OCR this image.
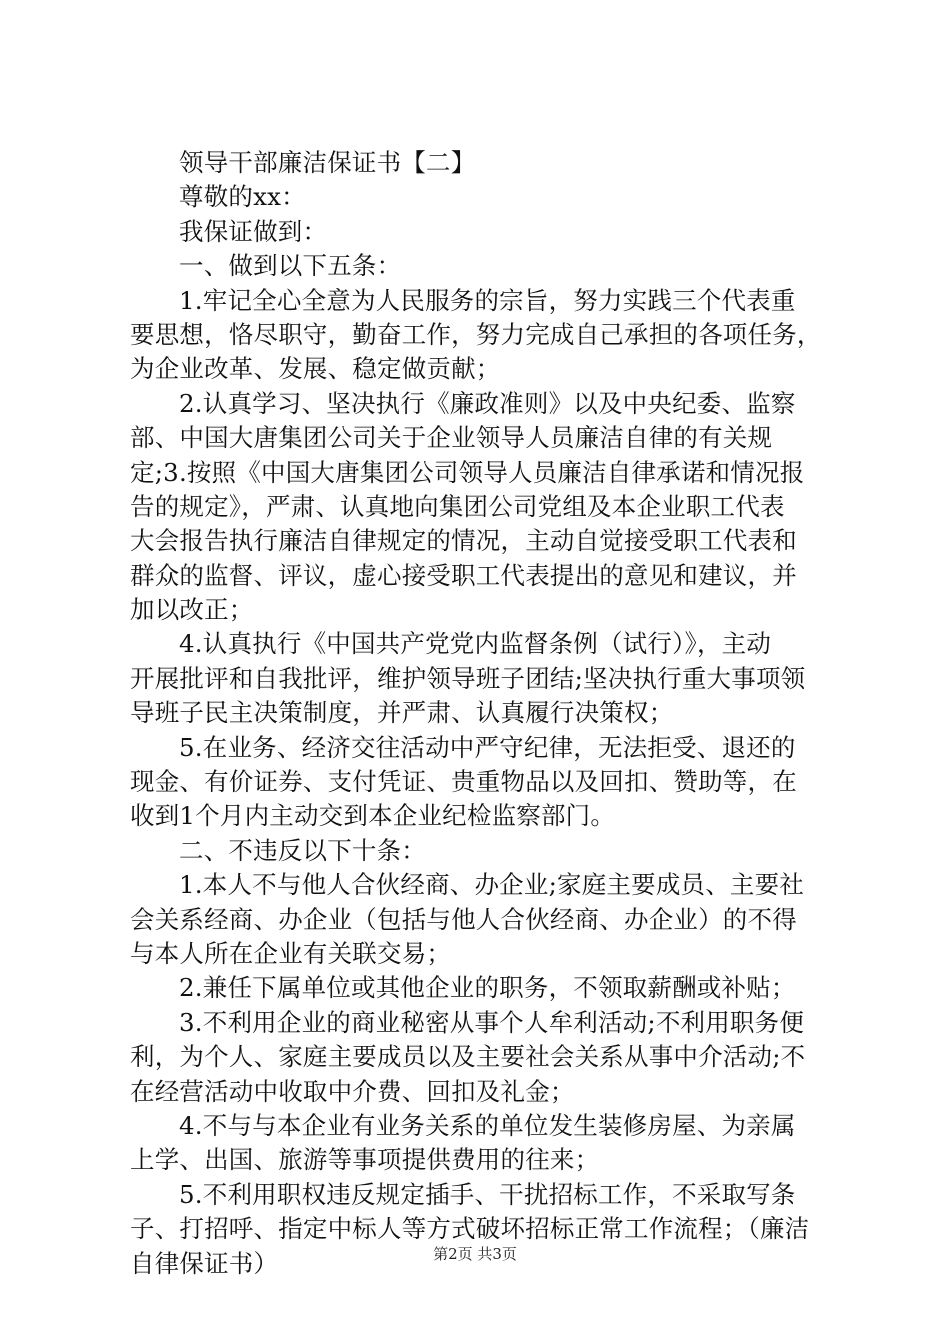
领导干部廉洁保证书【二】
尊敬的xx：
我保证做到：
一、做到以下五条：
1.牢记全心全意为人民服务的宗旨，努力实践三个代表重
要思想，恪尽职守，勤奋工作，努力完成自己承担的各项任务，
为企业改革、发展、稳定做贡献；
2.认真学习、坚决执行《廉政准则》以及中央纪委、监察
部、中国大唐集团公司关于企业领导人员廉洁自律的有关规
定;3.按照《中国大唐集团公司领导人员廉洁自律承诺和情况报
告的规定》，严肃、认真地向集团公司党组及本企业职工代表
大会报告执行廉洁自律规定的情况，主动自觉接受职工代表和
群众的监督、评议，虚心接受职工代表提出的意见和建议，并
加以改正；
4.认真执行《中国共产党党内监督条例（试行）》，主动
开展批评和自我批评，维护领导班子团结;坚决执行重大事项领
导班子民主决策制度，并严肃、认真履行决策权；
5.在业务、经济交往活动中严守纪律，无法拒受、退还的
现金、有价证券、支付凭证、贵重物品以及回扣、赞助等，在
收到1个月内主动交到本企业纪检监察部门。
二、不违反以下十条：
1.本人不与他人合伙经商、办企业;家庭主要成员、主要社
会关系经商、办企业（包括与他人合伙经商、办企业）的不得
与本人所在企业有关联交易；
2.兼任下属单位或其他企业的职务，不领取薪酬或补贴；
3.不利用企业的商业秘密从事个人牟利活动;不利用职务便
利，为个人、家庭主要成员以及主要社会关系从事中介活动;不
在经营活动中收取中介费、回扣及礼金；
4.不与与本企业有业务关系的单位发生装修房屋、为亲属
上学、出国、旅游等事项提供费用的往来；
5.不利用职权违反规定插手、干扰招标工作，不采取写条
子、打招呼、指定中标人等方式破坏招标正常工作流程；（廉洁
自律保证书）	第2页 共3页
